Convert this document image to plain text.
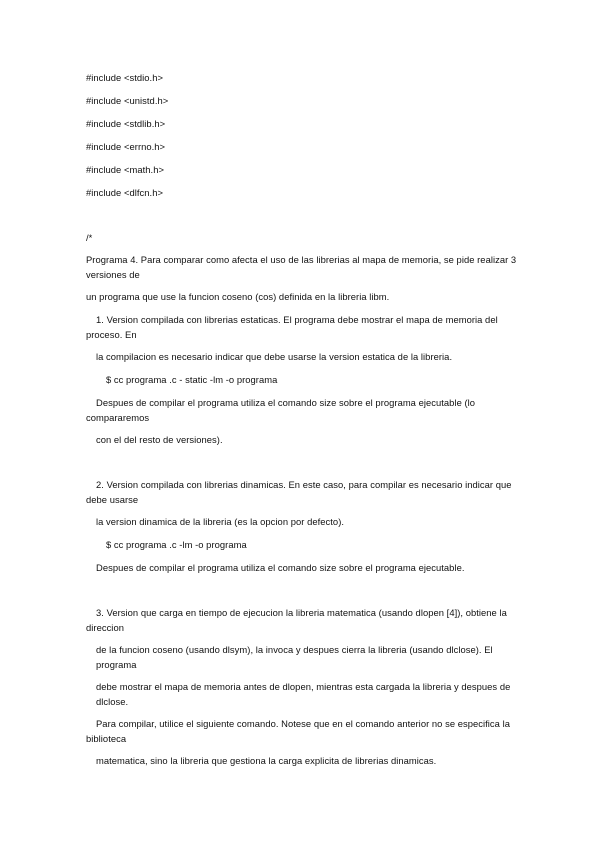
#include <stdio.h>
#include <unistd.h>
#include <stdlib.h>
#include <errno.h>
#include <math.h>
#include <dlfcn.h>
/*
Programa 4. Para comparar como afecta el uso de las librerias al mapa de memoria, se pide realizar 3 versiones de
un programa que use la funcion coseno (cos) definida en la libreria libm.
1. Version compilada con librerias estaticas. El programa debe mostrar el mapa de memoria del proceso. En
la compilacion es necesario indicar que debe usarse la version estatica de la libreria.
$ cc programa .c - static -lm -o programa
Despues de compilar el programa utiliza el comando size sobre el programa ejecutable (lo compararemos
con el del resto de versiones).
2. Version compilada con librerias dinamicas. En este caso, para compilar es necesario indicar que debe usarse
la version dinamica de la libreria (es la opcion por defecto).
$ cc programa .c -lm -o programa
Despues de compilar el programa utiliza el comando size sobre el programa ejecutable.
3. Version que carga en tiempo de ejecucion la libreria matematica (usando dlopen [4]), obtiene la direccion
de la funcion coseno (usando dlsym), la invoca y despues cierra la libreria (usando dlclose). El programa
debe mostrar el mapa de memoria antes de dlopen, mientras esta cargada la libreria y despues de dlclose.
Para compilar, utilice el siguiente comando. Notese que en el comando anterior no se especifica la biblioteca
matematica, sino la libreria que gestiona la carga explicita de librerias dinamicas.
